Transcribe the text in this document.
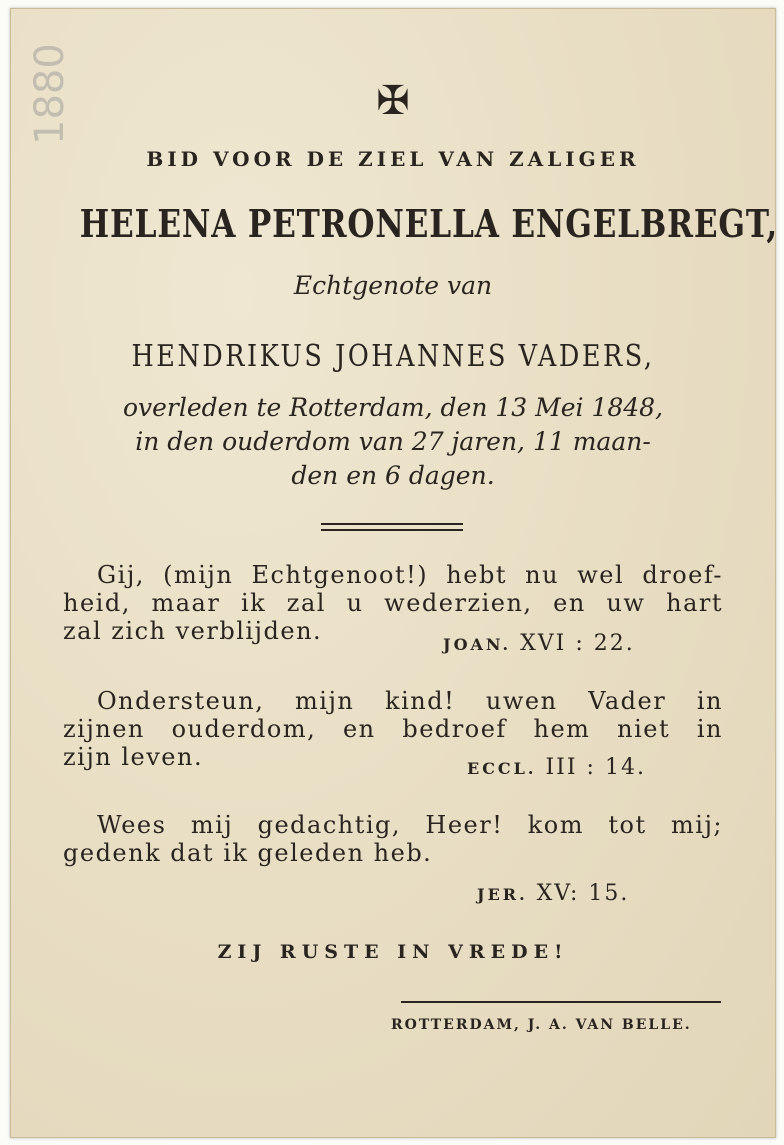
1880	✠
BID VOOR DE ZIEL VAN ZALIGER
HELENA PETRONELLA ENGELBREGT,
Echtgenote van
HENDRIKUS JOHANNES VADERS,
overleden te Rotterdam, den 13 Mei 1848,
in den ouderdom van 27 jaren, 11 maan-
den en 6 dagen.
Gij, (mijn Echtgenoot!) hebt nu wel droef-
heid, maar ik zal u wederzien, en uw hart
zal zich verblijden.	JOAN. XVI : 22.
Ondersteun, mijn kind! uwen Vader in
zijnen ouderdom, en bedroef hem niet in
zijn leven.	ECCL. III : 14.
Wees mij gedachtig, Heer! kom tot mij;
gedenk dat ik geleden heb.
JER. XV: 15.
ZIJ RUSTE IN VREDE!
ROTTERDAM, J. A. VAN BELLE.
